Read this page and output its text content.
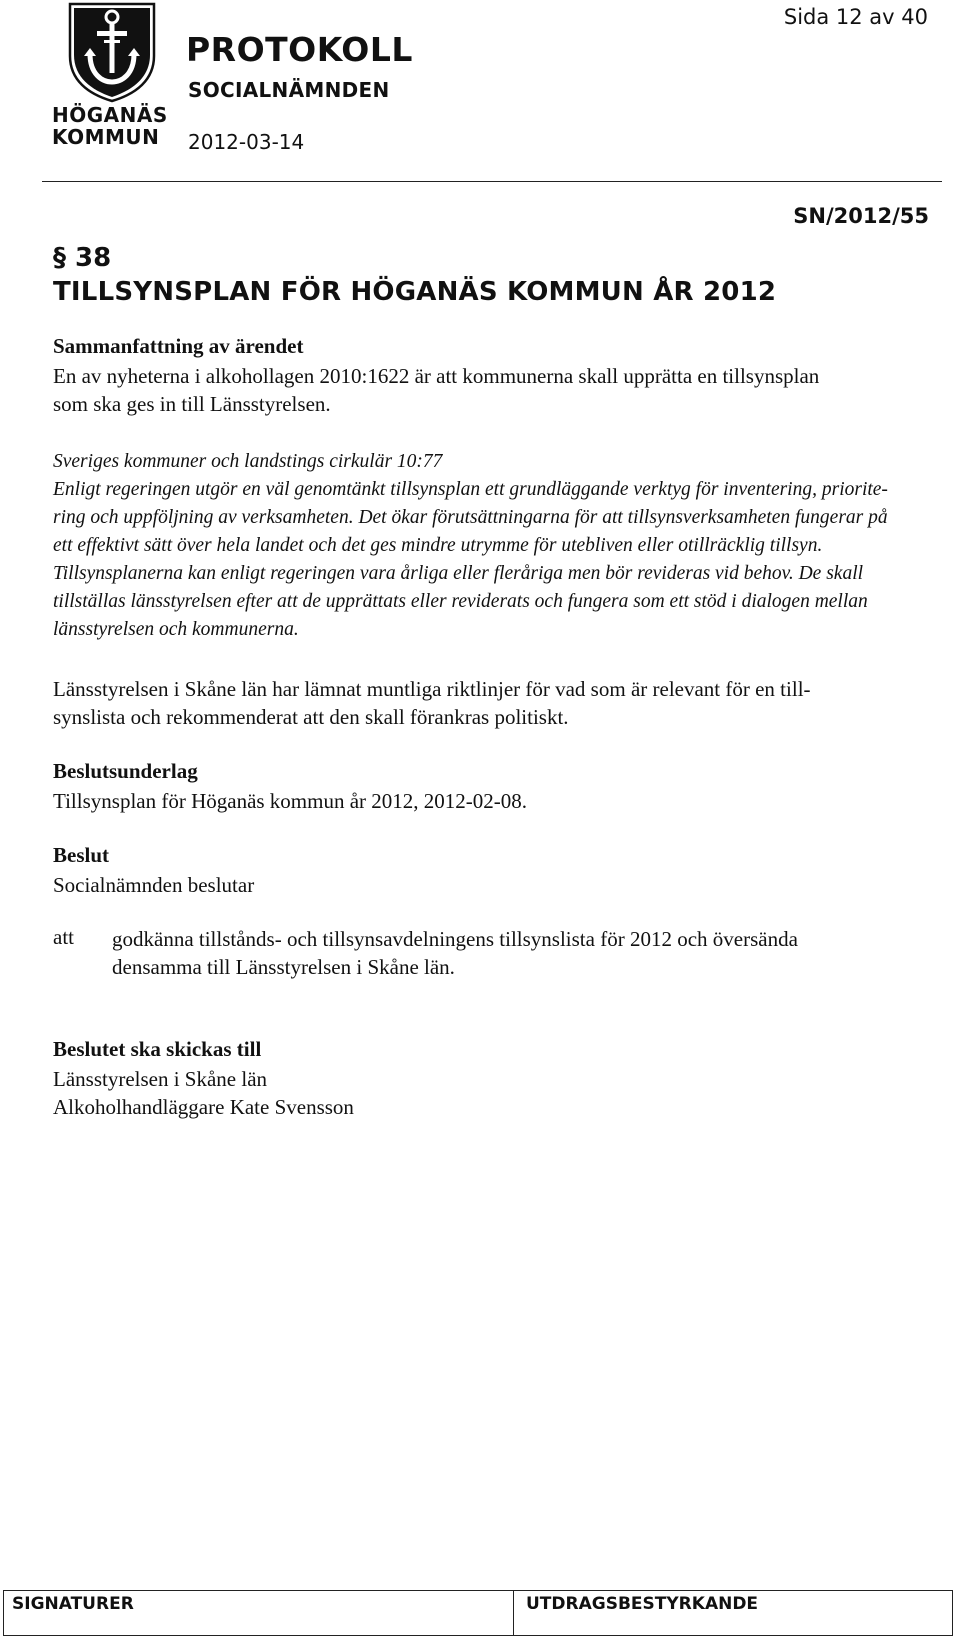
HÖGANÄS
KOMMUN
PROTOKOLL
SOCIALNÄMNDEN
2012-03-14
Sida 12 av 40
SN/2012/55
§ 38
TILLSYNSPLAN FÖR HÖGANÄS KOMMUN ÅR 2012
Sammanfattning av ärendet
En av nyheterna i alkohollagen 2010:1622 är att kommunerna skall upprätta en tillsynsplan
som ska ges in till Länsstyrelsen.
Sveriges kommuner och landstings cirkulär 10:77
Enligt regeringen utgör en väl genomtänkt tillsynsplan ett grundläggande verktyg för inventering, priorite-
ring och uppföljning av verksamheten. Det ökar förutsättningarna för att tillsynsverksamheten fungerar på
ett effektivt sätt över hela landet och det ges mindre utrymme för utebliven eller otillräcklig tillsyn.
Tillsynsplanerna kan enligt regeringen vara årliga eller fleråriga men bör revideras vid behov. De skall
tillställas länsstyrelsen efter att de upprättats eller reviderats och fungera som ett stöd i dialogen mellan
länsstyrelsen och kommunerna.
Länsstyrelsen i Skåne län har lämnat muntliga riktlinjer för vad som är relevant för en till-
synslista och rekommenderat att den skall förankras politiskt.
Beslutsunderlag
Tillsynsplan för Höganäs kommun år 2012, 2012-02-08.
Beslut
Socialnämnden beslutar
att godkänna tillstånds- och tillsynsavdelningens tillsynslista för 2012 och översända
densamma till Länsstyrelsen i Skåne län.
Beslutet ska skickas till
Länsstyrelsen i Skåne län
Alkoholhandläggare Kate Svensson
SIGNATURER	UTDRAGSBESTYRKANDE
